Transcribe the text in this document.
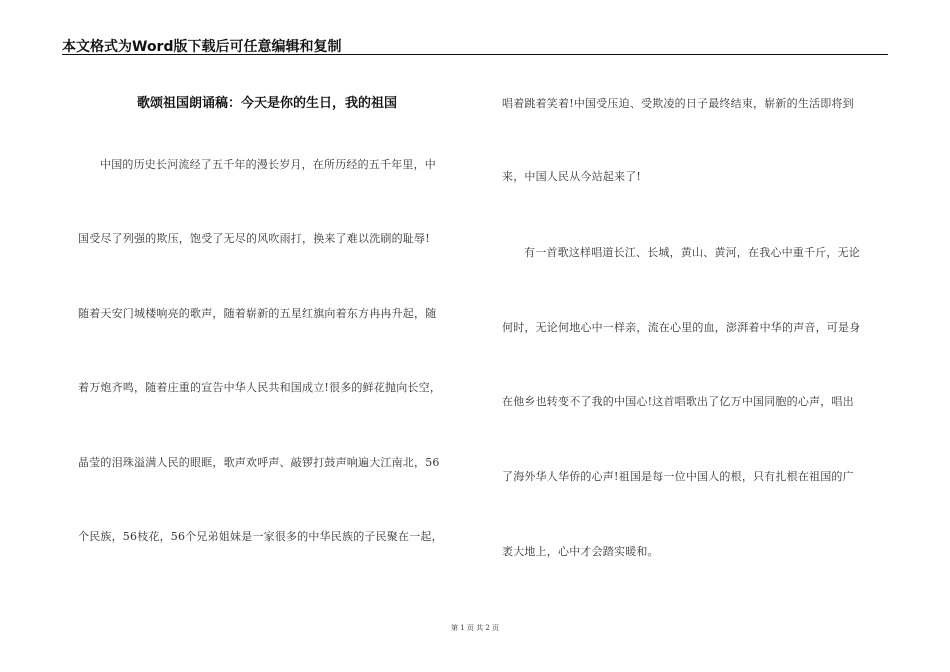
本文格式为Word版下载后可任意编辑和复制
歌颂祖国朗诵稿：今天是你的生日，我的祖国
中国的历史长河流经了五千年的漫长岁月，在所历经的五千年里，中
国受尽了列强的欺压，饱受了无尽的风吹雨打，换来了难以洗刷的耻辱!
随着天安门城楼响亮的歌声，随着崭新的五星红旗向着东方冉冉升起，随
着万炮齐鸣，随着庄重的宣告中华人民共和国成立!很多的鲜花抛向长空，
晶莹的泪珠溢满人民的眼眶，歌声欢呼声、敲锣打鼓声响遍大江南北，56
个民族，56枝花，56个兄弟姐妹是一家很多的中华民族的子民聚在一起，
唱着跳着笑着!中国受压迫、受欺凌的日子最终结束，崭新的生活即将到
来，中国人民从今站起来了!
有一首歌这样唱道长江、长城，黄山、黄河，在我心中重千斤，无论
何时，无论何地心中一样亲，流在心里的血，澎湃着中华的声音，可是身
在他乡也转变不了我的中国心!这首唱歌出了亿万中国同胞的心声，唱出
了海外华人华侨的心声!祖国是每一位中国人的根，只有扎根在祖国的广
袤大地上，心中才会踏实暖和。
第 1 页 共 2 页
